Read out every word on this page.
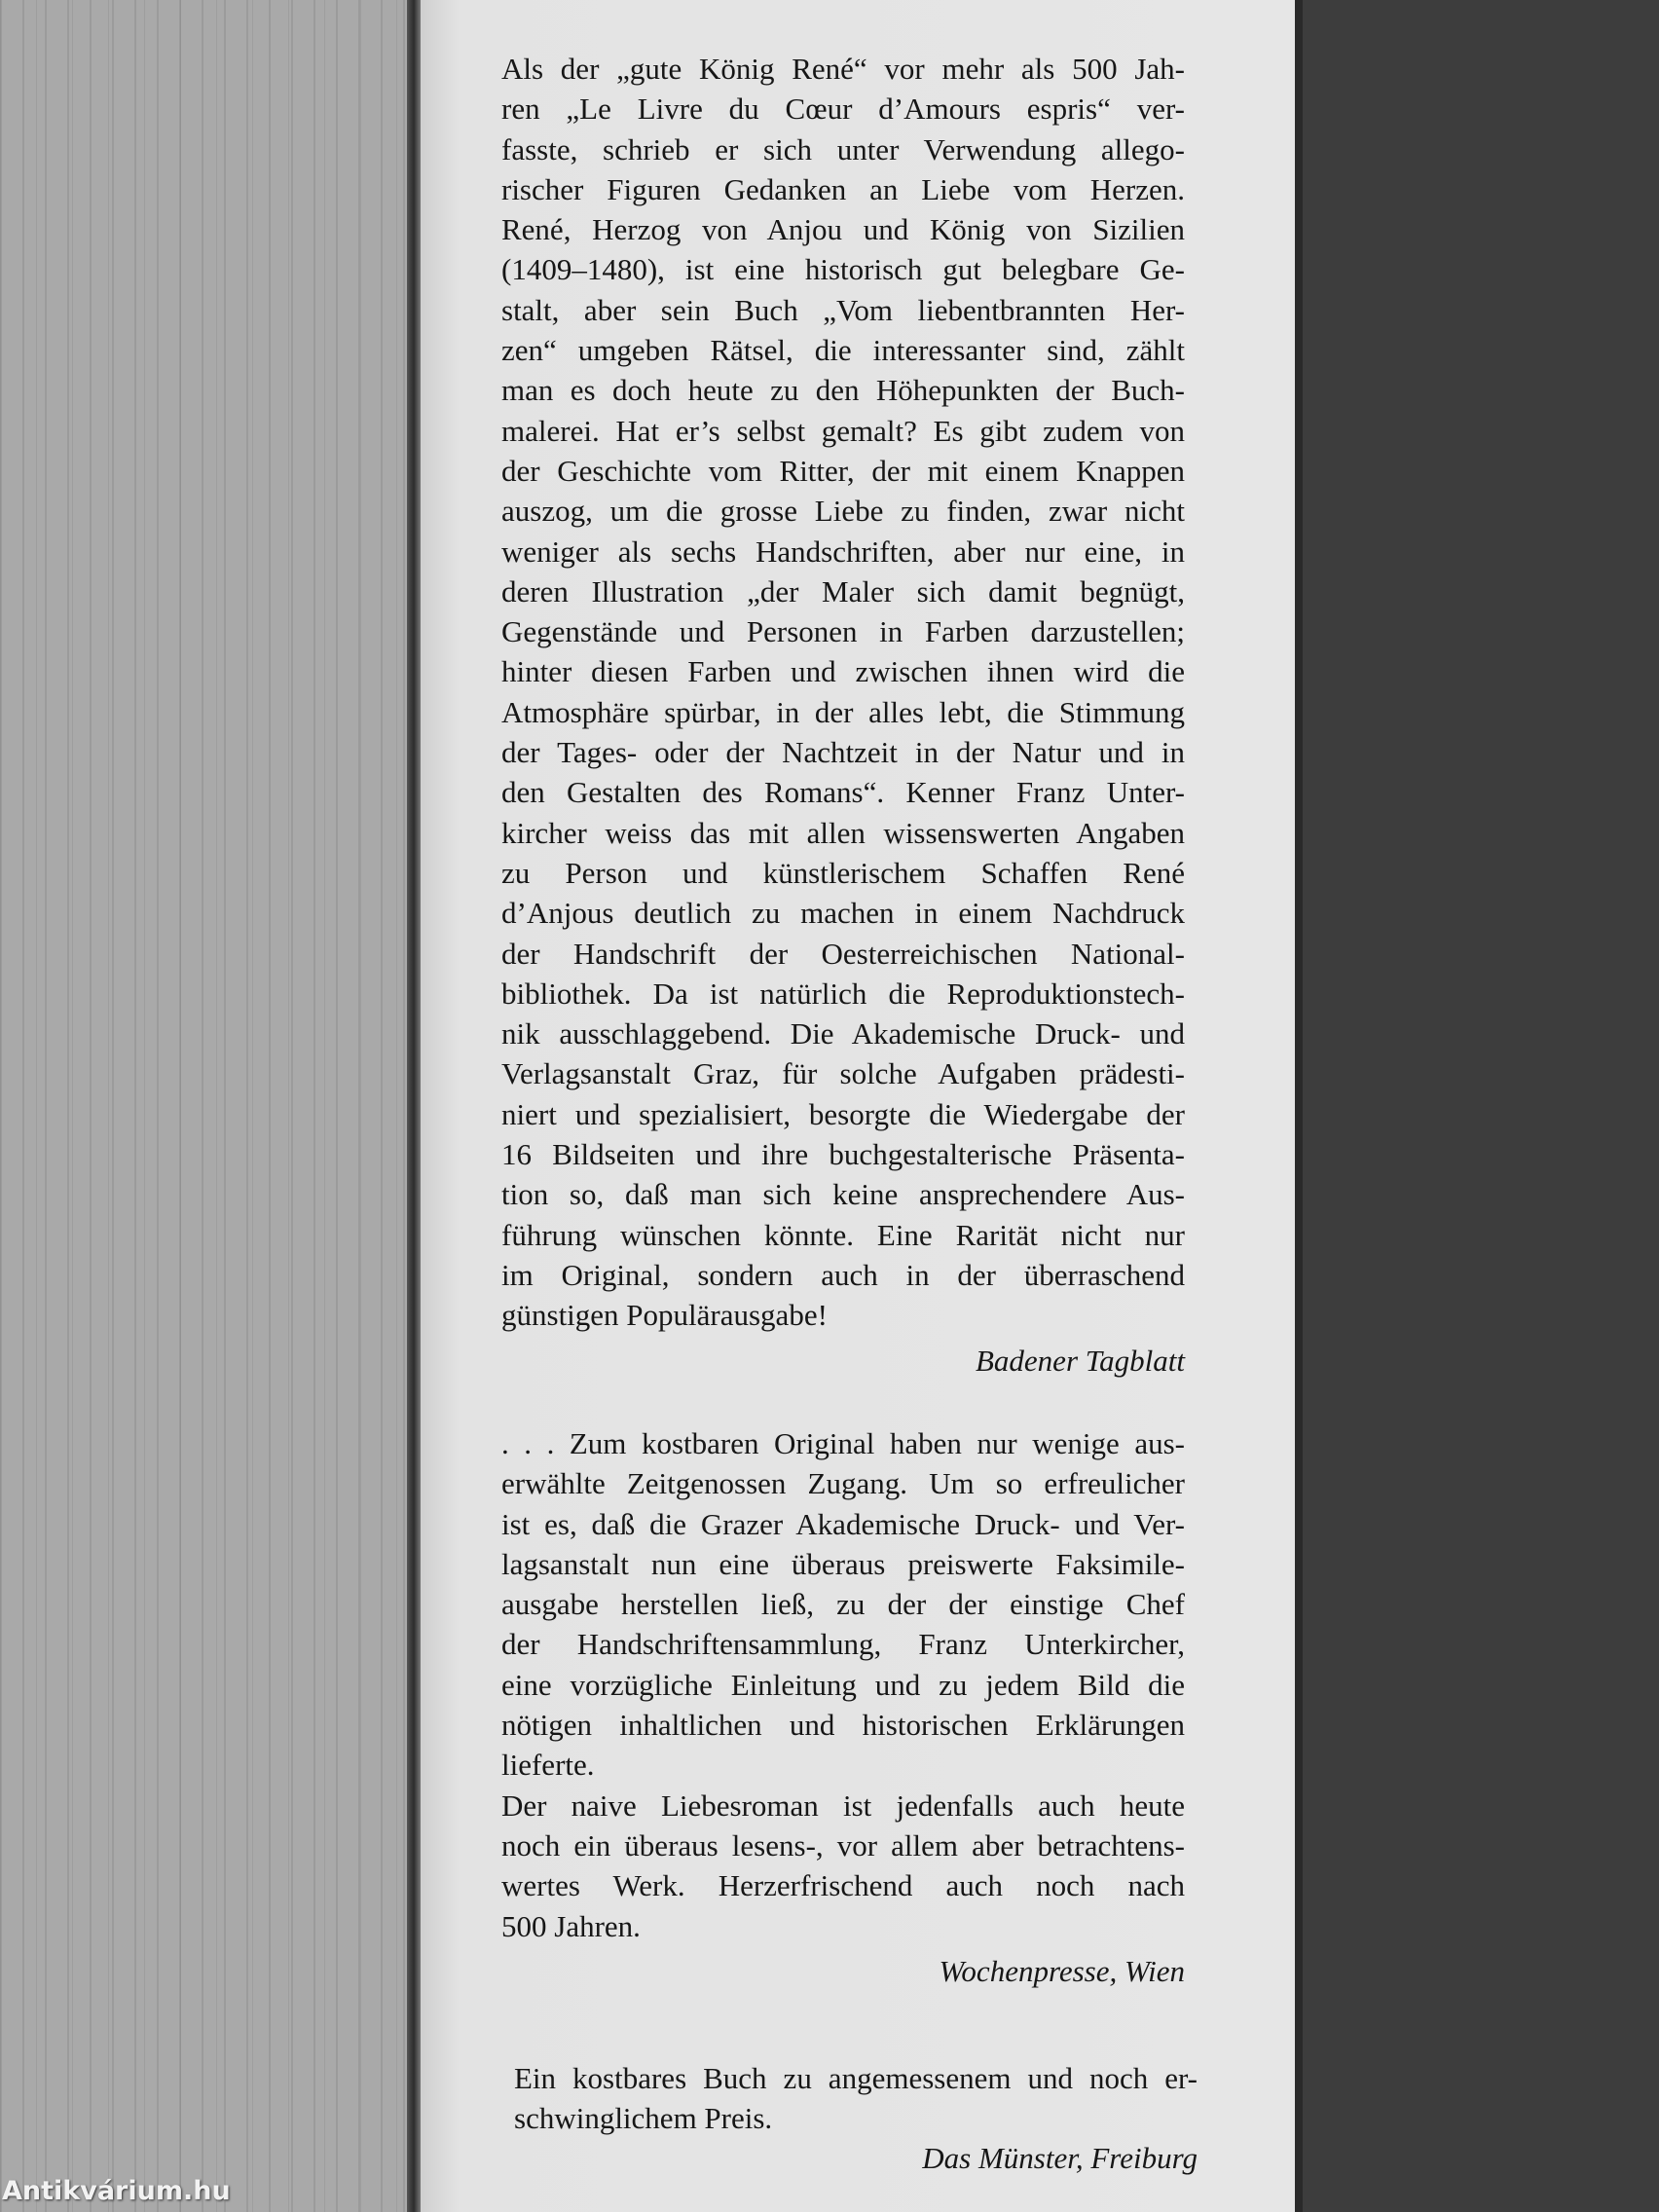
Als der „gute König René“ vor mehr als 500 Jah-
ren „Le Livre du Cœur d’Amours espris“ ver-
fasste, schrieb er sich unter Verwendung allego-
rischer Figuren Gedanken an Liebe vom Herzen.
René, Herzog von Anjou und König von Sizilien
(1409–1480), ist eine historisch gut belegbare Ge-
stalt, aber sein Buch „Vom liebentbrannten Her-
zen“ umgeben Rätsel, die interessanter sind, zählt
man es doch heute zu den Höhepunkten der Buch-
malerei. Hat er’s selbst gemalt? Es gibt zudem von
der Geschichte vom Ritter, der mit einem Knappen
auszog, um die grosse Liebe zu finden, zwar nicht
weniger als sechs Handschriften, aber nur eine, in
deren Illustration „der Maler sich damit begnügt,
Gegenstände und Personen in Farben darzustellen;
hinter diesen Farben und zwischen ihnen wird die
Atmosphäre spürbar, in der alles lebt, die Stimmung
der Tages- oder der Nachtzeit in der Natur und in
den Gestalten des Romans“. Kenner Franz Unter-
kircher weiss das mit allen wissenswerten Angaben
zu Person und künstlerischem Schaffen René
d’Anjous deutlich zu machen in einem Nachdruck
der Handschrift der Oesterreichischen National-
bibliothek. Da ist natürlich die Reproduktionstech-
nik ausschlaggebend. Die Akademische Druck- und
Verlagsanstalt Graz, für solche Aufgaben prädesti-
niert und spezialisiert, besorgte die Wiedergabe der
16 Bildseiten und ihre buchgestalterische Präsenta-
tion so, daß man sich keine ansprechendere Aus-
führung wünschen könnte. Eine Rarität nicht nur
im Original, sondern auch in der überraschend
günstigen Populärausgabe!
Badener Tagblatt
. . . Zum kostbaren Original haben nur wenige aus-
erwählte Zeitgenossen Zugang. Um so erfreulicher
ist es, daß die Grazer Akademische Druck- und Ver-
lagsanstalt nun eine überaus preiswerte Faksimile-
ausgabe herstellen ließ, zu der der einstige Chef
der Handschriftensammlung, Franz Unterkircher,
eine vorzügliche Einleitung und zu jedem Bild die
nötigen inhaltlichen und historischen Erklärungen
lieferte.
Der naive Liebesroman ist jedenfalls auch heute
noch ein überaus lesens-, vor allem aber betrachtens-
wertes Werk. Herzerfrischend auch noch nach
500 Jahren.
Wochenpresse, Wien
Ein kostbares Buch zu angemessenem und noch er-
schwinglichem Preis.
Das Münster, Freiburg
Antikvárium.hu
